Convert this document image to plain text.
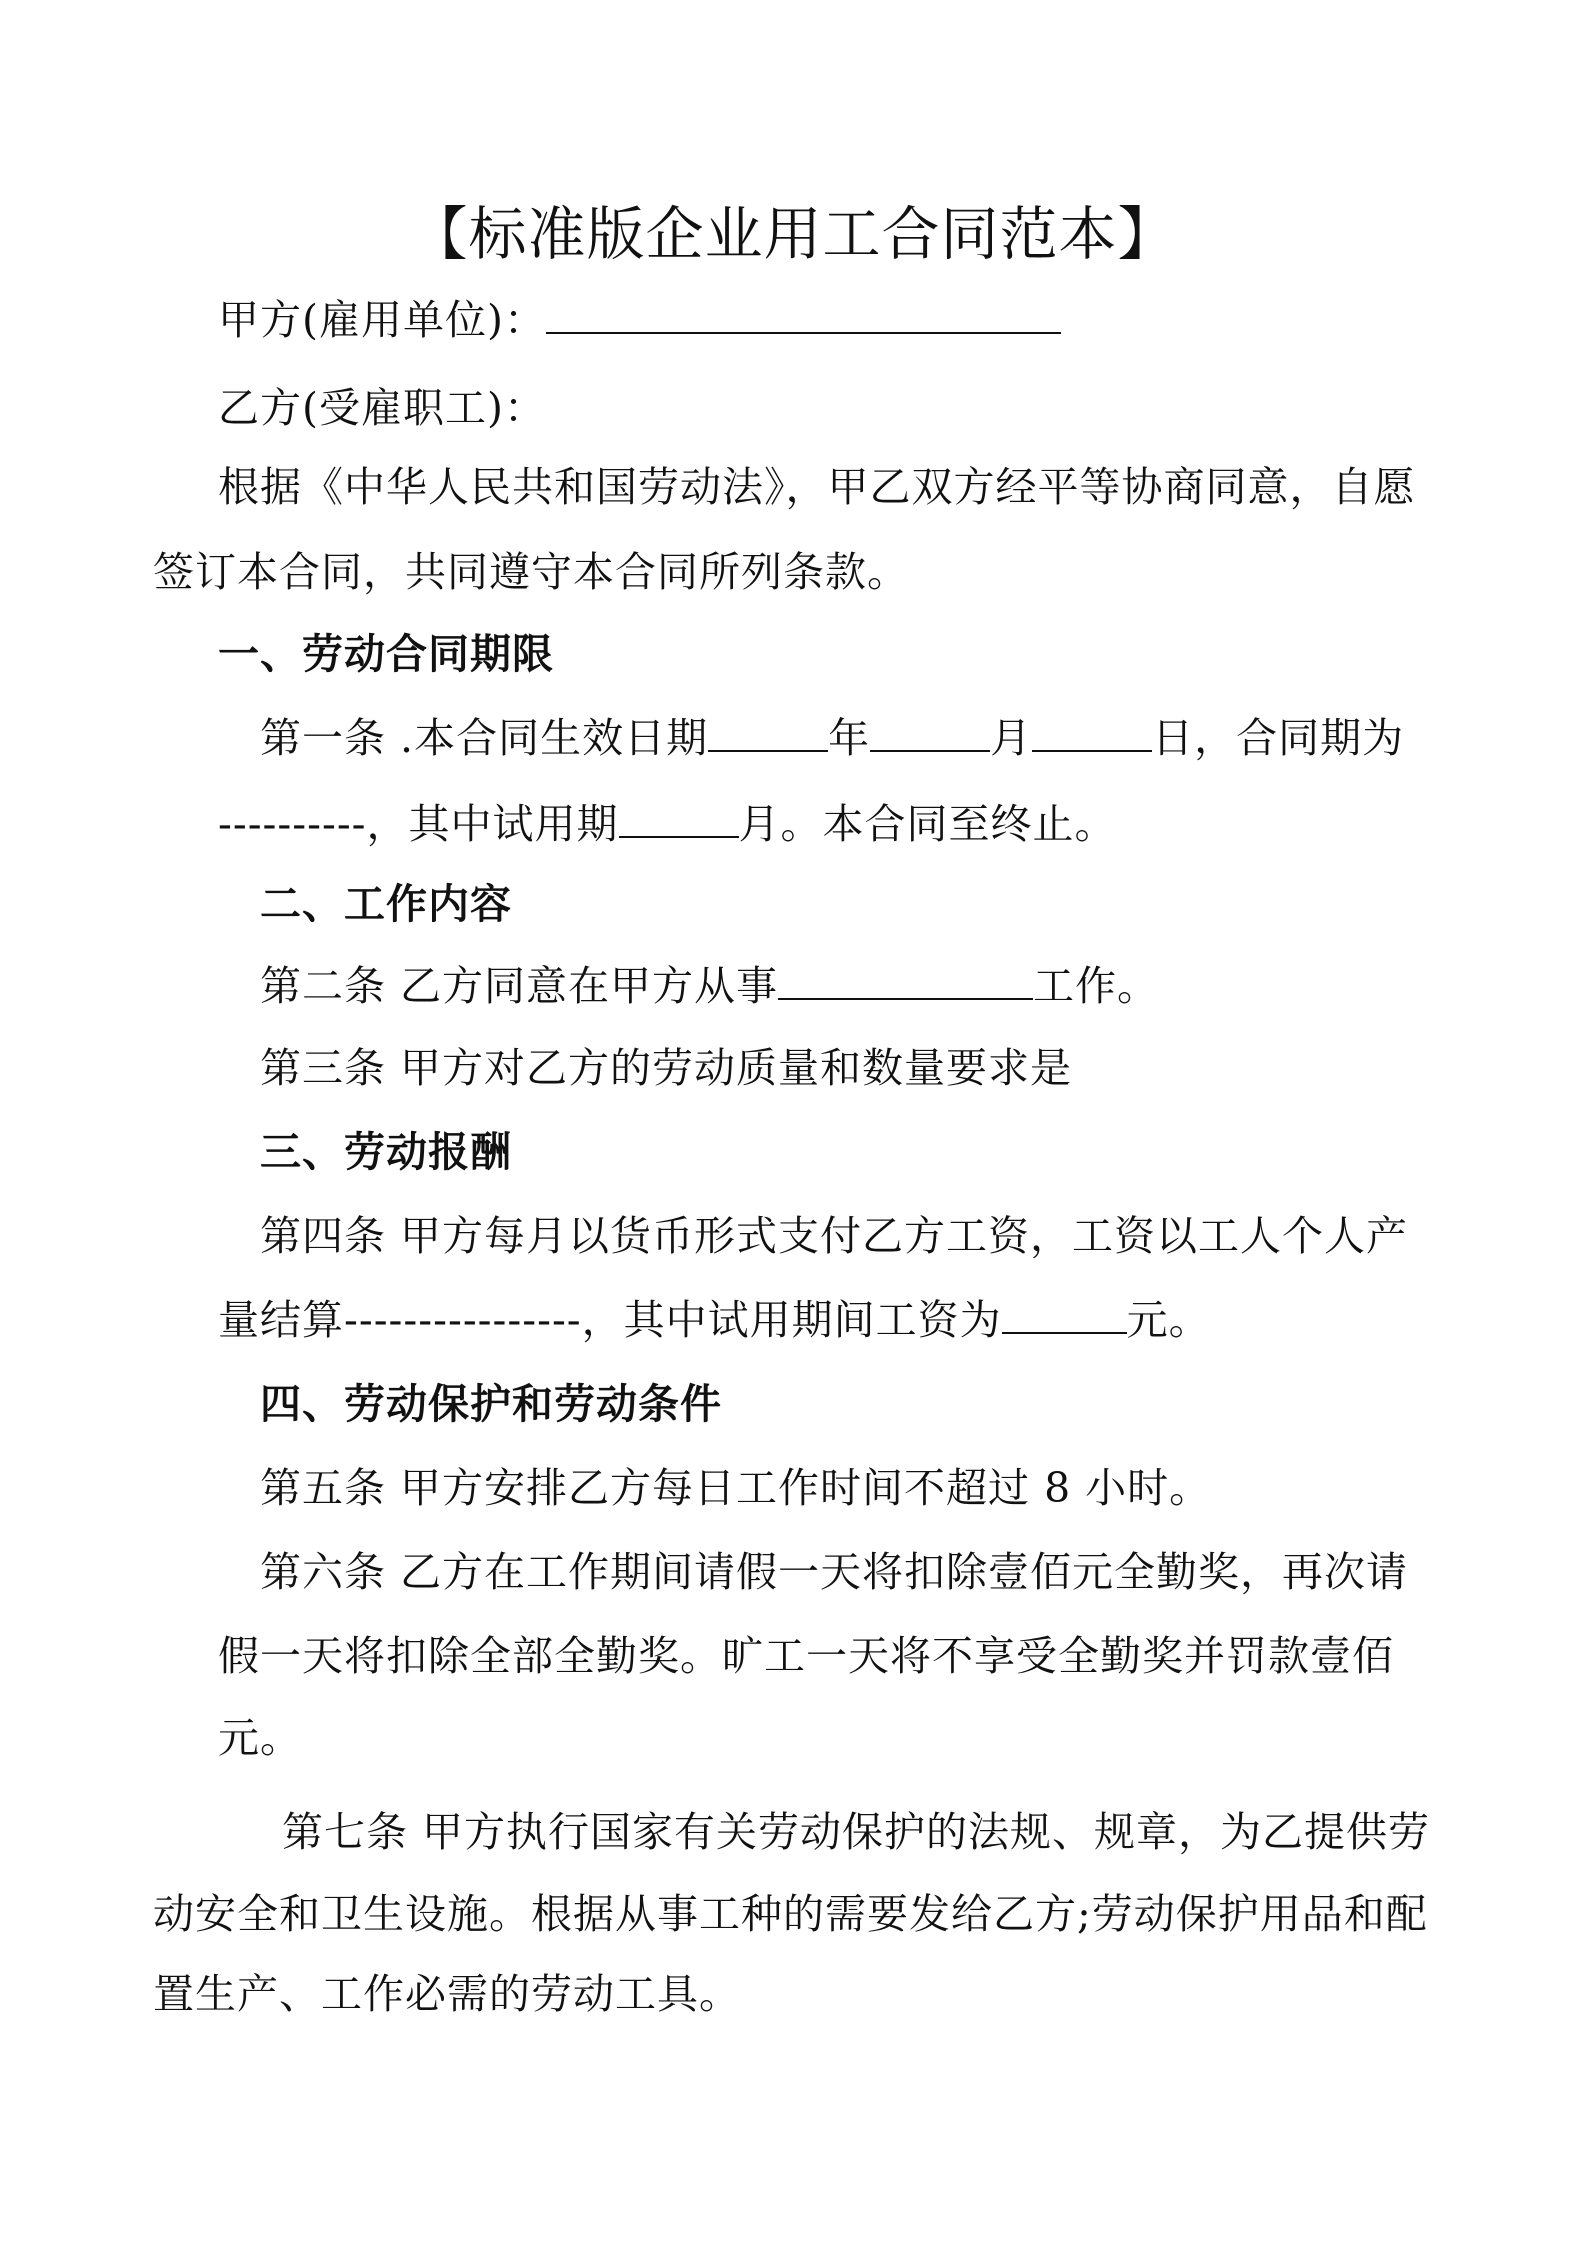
【标准版企业用工合同范本】
甲方(雇用单位)：
乙方(受雇职工)：
根据《中华人民共和国劳动法》，甲乙双方经平等协商同意，自愿
签订本合同，共同遵守本合同所列条款。
一、劳动合同期限
第一条 .本合同生效日期	年	月	日，合同期为
----------，其中试用期	月。本合同至终止。
二、工作内容
第二条 乙方同意在甲方从事	工作。
第三条 甲方对乙方的劳动质量和数量要求是
三、劳动报酬
第四条 甲方每月以货币形式支付乙方工资，工资以工人个人产
量结算----------------，其中试用期间工资为	元。
四、劳动保护和劳动条件
第五条 甲方安排乙方每日工作时间不超过 8 小时。
第六条 乙方在工作期间请假一天将扣除壹佰元全勤奖，再次请
假一天将扣除全部全勤奖。旷工一天将不享受全勤奖并罚款壹佰
元。
第七条 甲方执行国家有关劳动保护的法规、规章，为乙提供劳
动安全和卫生设施。根据从事工种的需要发给乙方;劳动保护用品和配
置生产、工作必需的劳动工具。
